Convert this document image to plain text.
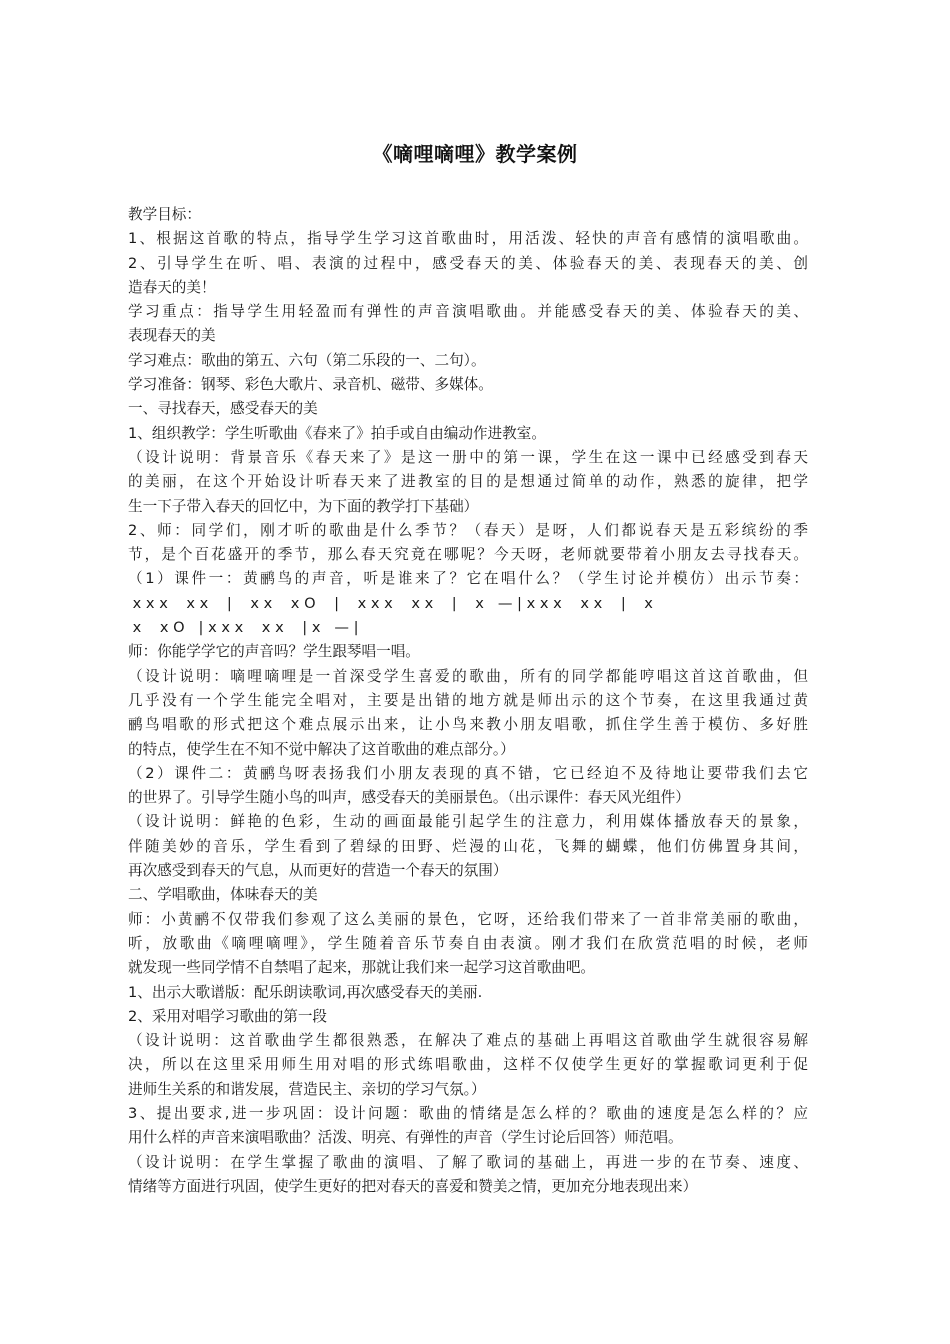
《嘀哩嘀哩》教学案例
教学目标：
1、根据这首歌的特点，指导学生学习这首歌曲时，用活泼、轻快的声音有感情的演唱歌曲。
2、引导学生在听、唱、表演的过程中，感受春天的美、体验春天的美、表现春天的美、创
造春天的美！
学习重点：指导学生用轻盈而有弹性的声音演唱歌曲。并能感受春天的美、体验春天的美、
表现春天的美
学习难点：歌曲的第五、六句（第二乐段的一、二句）。
学习准备：钢琴、彩色大歌片、录音机、磁带、多媒体。
一、寻找春天，感受春天的美
1、组织教学：学生听歌曲《春来了》拍手或自由编动作进教室。
（设计说明：背景音乐《春天来了》是这一册中的第一课，学生在这一课中已经感受到春天
的美丽，在这个开始设计听春天来了进教室的目的是想通过简单的动作，熟悉的旋律，把学
生一下子带入春天的回忆中，为下面的教学打下基础）
2、师：同学们，刚才听的歌曲是什么季节？（春天）是呀，人们都说春天是五彩缤纷的季
节，是个百花盛开的季节，那么春天究竟在哪呢？今天呀，老师就要带着小朋友去寻找春天。
（1）课件一：黄鹂鸟的声音，听是谁来了？它在唱什么？（学生讨论并模仿）出示节奏：
x x x    x x    |    x x    x O    |    x x x    x x    |    x   — | x x x    x x    |    x
x    x O   | x x x    x x    | x   — |
师：你能学学它的声音吗？学生跟琴唱一唱。
（设计说明：嘀哩嘀哩是一首深受学生喜爱的歌曲，所有的同学都能哼唱这首这首歌曲，但
几乎没有一个学生能完全唱对，主要是出错的地方就是师出示的这个节奏，在这里我通过黄
鹂鸟唱歌的形式把这个难点展示出来，让小鸟来教小朋友唱歌，抓住学生善于模仿、多好胜
的特点，使学生在不知不觉中解决了这首歌曲的难点部分。）
（2）课件二：黄鹂鸟呀表扬我们小朋友表现的真不错，它已经迫不及待地让要带我们去它
的世界了。引导学生随小鸟的叫声，感受春天的美丽景色。（出示课件：春天风光组件）
（设计说明：鲜艳的色彩，生动的画面最能引起学生的注意力，利用媒体播放春天的景象，
伴随美妙的音乐，学生看到了碧绿的田野、烂漫的山花，飞舞的蝴蝶，他们仿佛置身其间，
再次感受到春天的气息，从而更好的营造一个春天的氛围）
二、学唱歌曲，体味春天的美
师：小黄鹂不仅带我们参观了这么美丽的景色，它呀，还给我们带来了一首非常美丽的歌曲，
听，放歌曲《嘀哩嘀哩》，学生随着音乐节奏自由表演。刚才我们在欣赏范唱的时候，老师
就发现一些同学情不自禁唱了起来，那就让我们来一起学习这首歌曲吧。
1、出示大歌谱版：配乐朗读歌词,再次感受春天的美丽.
2、采用对唱学习歌曲的第一段
（设计说明：这首歌曲学生都很熟悉，在解决了难点的基础上再唱这首歌曲学生就很容易解
决，所以在这里采用师生用对唱的形式练唱歌曲，这样不仅使学生更好的掌握歌词更利于促
进师生关系的和谐发展，营造民主、亲切的学习气氛。）
3、提出要求,进一步巩固：设计问题：歌曲的情绪是怎么样的？歌曲的速度是怎么样的？应
用什么样的声音来演唱歌曲？活泼、明亮、有弹性的声音（学生讨论后回答）师范唱。
（设计说明：在学生掌握了歌曲的演唱、了解了歌词的基础上，再进一步的在节奏、速度、
情绪等方面进行巩固，使学生更好的把对春天的喜爱和赞美之情，更加充分地表现出来）
